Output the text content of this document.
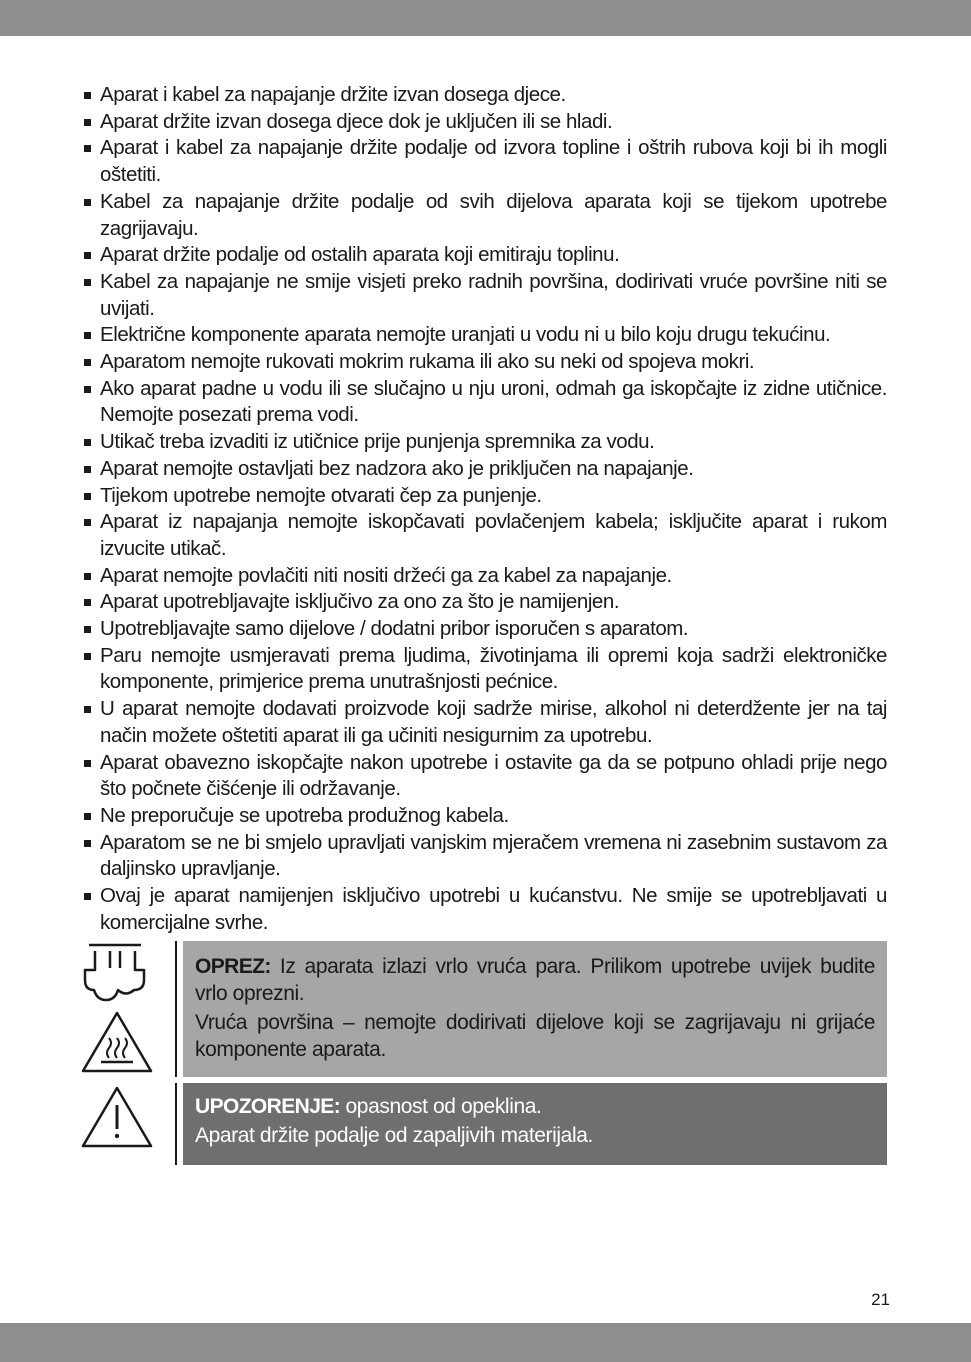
Aparat i kabel za napajanje držite izvan dosega djece.
Aparat držite izvan dosega djece dok je uključen ili se hladi.
Aparat i kabel za napajanje držite podalje od izvora topline i oštrih rubova koji bi ih mogli oštetiti.
Kabel za napajanje držite podalje od svih dijelova aparata koji se tijekom upotrebe zagrijavaju.
Aparat držite podalje od ostalih aparata koji emitiraju toplinu.
Kabel za napajanje ne smije visjeti preko radnih površina, dodirivati vruće površine niti se uvijati.
Električne komponente aparata nemojte uranjati u vodu ni u bilo koju drugu tekućinu.
Aparatom nemojte rukovati mokrim rukama ili ako su neki od spojeva mokri.
Ako aparat padne u vodu ili se slučajno u nju uroni, odmah ga iskopčajte iz zidne utičnice. Nemojte posezati prema vodi.
Utikač treba izvaditi iz utičnice prije punjenja spremnika za vodu.
Aparat nemojte ostavljati bez nadzora ako je priključen na napajanje.
Tijekom upotrebe nemojte otvarati čep za punjenje.
Aparat iz napajanja nemojte iskopčavati povlačenjem kabela; isključite aparat i rukom izvucite utikač.
Aparat nemojte povlačiti niti nositi držeći ga za kabel za napajanje.
Aparat upotrebljavajte isključivo za ono za što je namijenjen.
Upotrebljavajte samo dijelove / dodatni pribor isporučen s aparatom.
Paru nemojte usmjeravati prema ljudima, životinjama ili opremi koja sadrži elektroničke komponente, primjerice prema unutrašnjosti pećnice.
U aparat nemojte dodavati proizvode koji sadrže mirise, alkohol ni deterdžente jer na taj način možete oštetiti aparat ili ga učiniti nesigurnim za upotrebu.
Aparat obavezno iskopčajte nakon upotrebe i ostavite ga da se potpuno ohladi prije nego što počnete čišćenje ili održavanje.
Ne preporučuje se upotreba produžnog kabela.
Aparatom se ne bi smjelo upravljati vanjskim mjeračem vremena ni zasebnim sustavom za daljinsko upravljanje.
Ovaj je aparat namijenjen isključivo upotrebi u kućanstvu. Ne smije se upotrebljavati u komercijalne svrhe.

OPREZ: Iz aparata izlazi vrlo vruća para. Prilikom upotrebe uvijek budite vrlo oprezni.

Vruća površina – nemojte dodirivati dijelove koji se zagrijavaju ni grijaće komponente aparata.

UPOZORENJE: opasnost od opeklina.

Aparat držite podalje od zapaljivih materijala.

21
